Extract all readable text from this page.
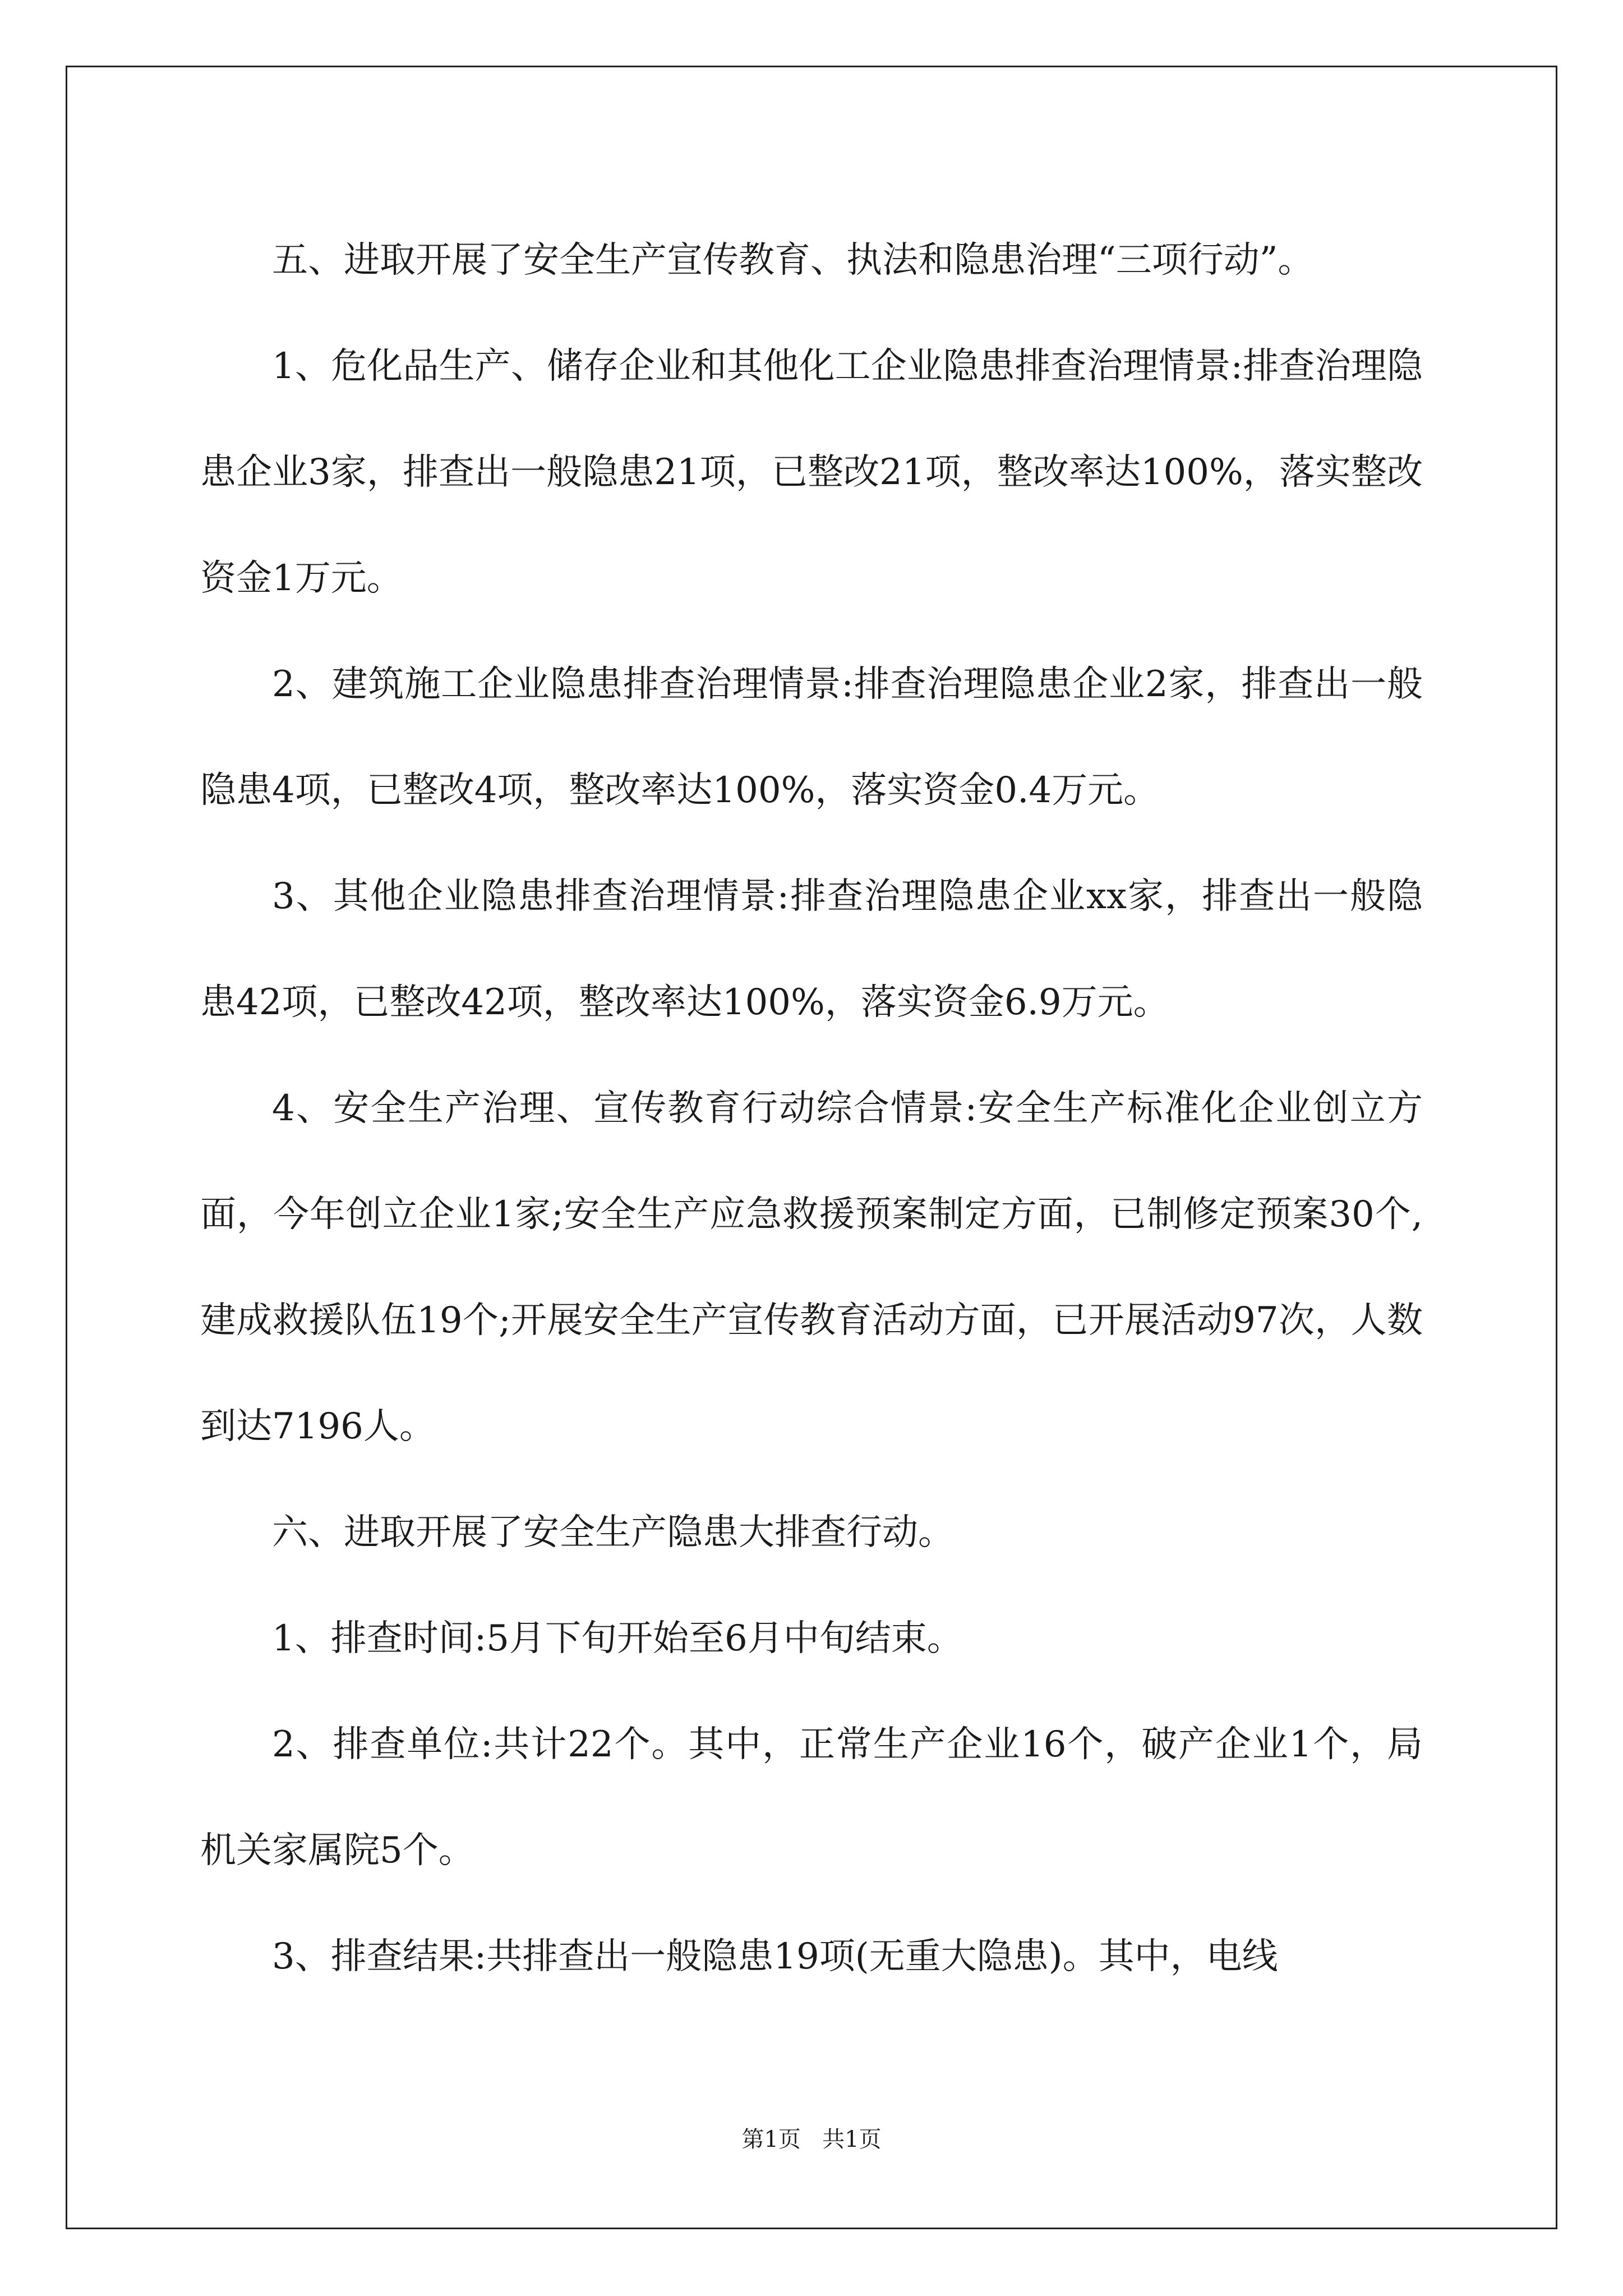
五、进取开展了安全生产宣传教育、执法和隐患治理“三项行动”。

1、危化品生产、储存企业和其他化工企业隐患排查治理情景:排查治理隐患企业3家，排查出一般隐患21项，已整改21项，整改率达100%，落实整改资金1万元。

2、建筑施工企业隐患排查治理情景:排查治理隐患企业2家，排查出一般隐患4项，已整改4项，整改率达100%，落实资金0.4万元。

3、其他企业隐患排查治理情景:排查治理隐患企业xx家，排查出一般隐患42项，已整改42项，整改率达100%，落实资金6.9万元。

4、安全生产治理、宣传教育行动综合情景:安全生产标准化企业创立方面，今年创立企业1家;安全生产应急救援预案制定方面，已制修定预案30个,建成救援队伍19个;开展安全生产宣传教育活动方面，已开展活动97次，人数到达7196人。

六、进取开展了安全生产隐患大排查行动。

1、排查时间:5月下旬开始至6月中旬结束。

2、排查单位:共计22个。其中，正常生产企业16个，破产企业1个，局机关家属院5个。

3、排查结果:共排查出一般隐患19项(无重大隐患)。其中，电线

第1页 共1页
